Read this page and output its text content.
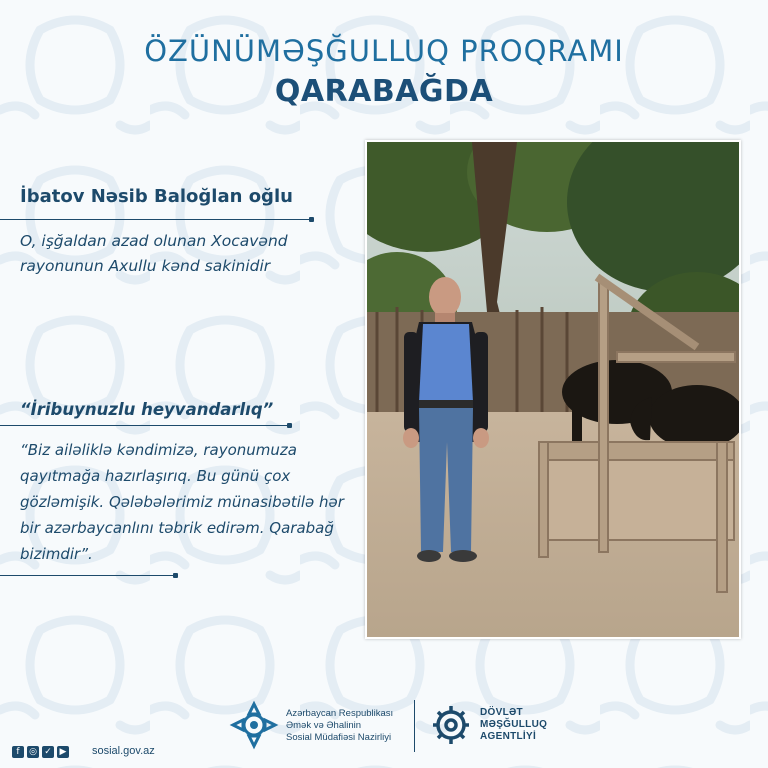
ÖZÜNÜMƏŞĞULLUQ PROQRAMI
QARABAĞDA
İbatov Nəsib Baloğlan oğlu
O, işğaldan azad olunan Xocavənd rayonunun Axullu kənd sakinidir
“İribuynuzlu heyvandarlıq”
“Biz ailəliklə kəndimizə, rayonumuza qayıtmağa hazırlaşırıq. Bu günü çox gözləmişik. Qələbələrimiz münasibətilə hər bir azərbaycanlını təbrik edirəm. Qarabağ bizimdir”.
Azərbaycan Respublikası
Əmək və Əhalinin
Sosial Müdafiəsi Nazirliyi
DÖVLƏT
MƏŞĞULLUQ
AGENTLİYİ
f	◎ ✓ ▶ sosial.gov.az
